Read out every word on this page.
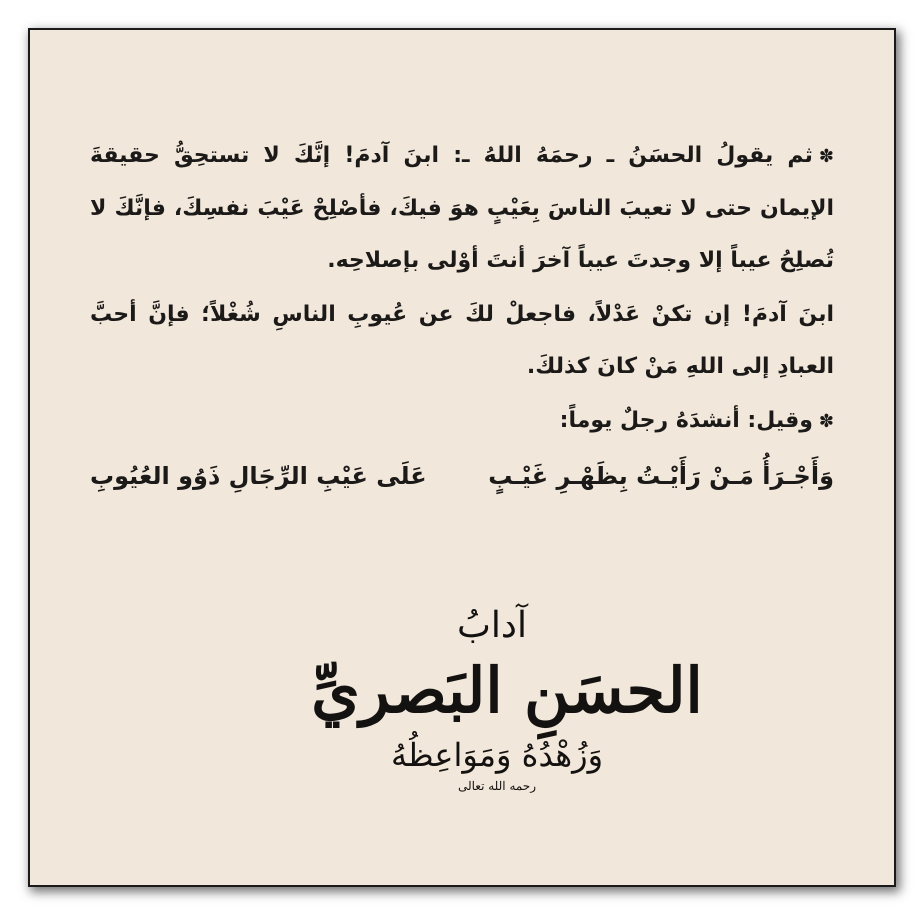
✽ثم يقولُ الحسَنُ ـ رحمَهُ اللهُ ـ: ابنَ آدمَ! إنَّكَ لا تستحِقُّ حقيقةَ الإيمان حتى لا تعيبَ الناسَ بِعَيْبٍ هوَ فيكَ، فأصْلِحْ عَيْبَ نفسِكَ، فإنَّكَ لا تُصلِحُ عيباً إلا وجدتَ عيباً آخرَ أنتَ أوْلى بإصلاحِه.

ابنَ آدمَ! إن تكنْ عَدْلاً، فاجعلْ لكَ عن عُيوبِ الناسِ شُغْلاً؛ فإنَّ أحبَّ العبادِ إلى اللهِ مَنْ كانَ كذلكَ.

✽وقيل: أنشدَهُ رجلٌ يوماً:

وَأَجْـرَأُ مَـنْ رَأَيْـتُ بِظَهْـرِ غَيْـبٍ
عَلَى عَيْبِ الرِّجَالِ ذَوُو العُيُوبِ
آدابُ
الحسَنِ البَصريِّ
وَزُهْدُهُ وَمَوَاعِظُهُ
رحمه الله تعالى
